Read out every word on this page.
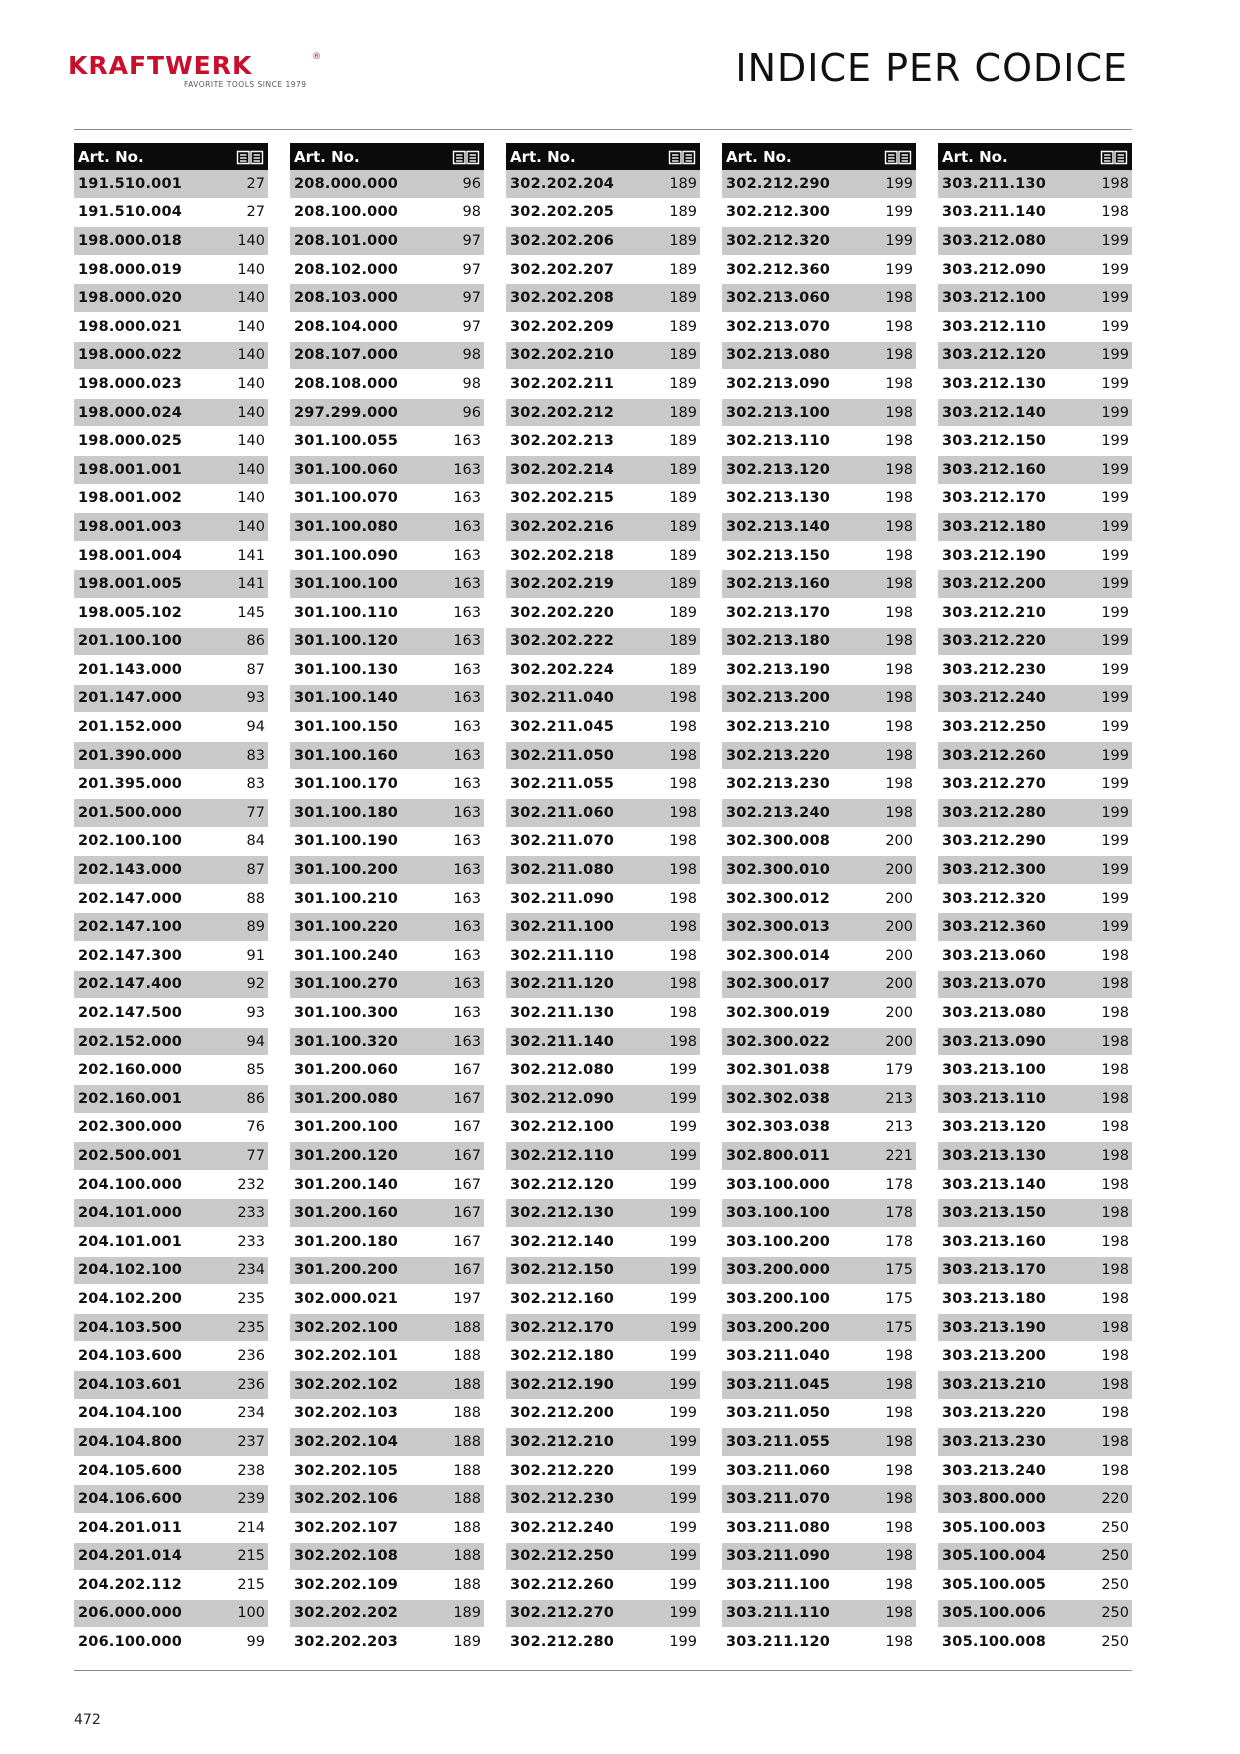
KRAFTWERK	®
FAVORITE TOOLS SINCE 1979	INDICE PER CODICE
Art. No.
191.510.001	27
191.510.004	27
198.000.018	140
198.000.019	140
198.000.020	140
198.000.021	140
198.000.022	140
198.000.023	140
198.000.024	140
198.000.025	140
198.001.001	140
198.001.002	140
198.001.003	140
198.001.004	141
198.001.005	141
198.005.102	145
201.100.100	86
201.143.000	87
201.147.000	93
201.152.000	94
201.390.000	83
201.395.000	83
201.500.000	77
202.100.100	84
202.143.000	87
202.147.000	88
202.147.100	89
202.147.300	91
202.147.400	92
202.147.500	93
202.152.000	94
202.160.000	85
202.160.001	86
202.300.000	76
202.500.001	77
204.100.000	232
204.101.000	233
204.101.001	233
204.102.100	234
204.102.200	235
204.103.500	235
204.103.600	236
204.103.601	236
204.104.100	234
204.104.800	237
204.105.600	238
204.106.600	239
204.201.011	214
204.201.014	215
204.202.112	215
206.000.000	100
206.100.000	99
Art. No.
208.000.000	96
208.100.000	98
208.101.000	97
208.102.000	97
208.103.000	97
208.104.000	97
208.107.000	98
208.108.000	98
297.299.000	96
301.100.055	163
301.100.060	163
301.100.070	163
301.100.080	163
301.100.090	163
301.100.100	163
301.100.110	163
301.100.120	163
301.100.130	163
301.100.140	163
301.100.150	163
301.100.160	163
301.100.170	163
301.100.180	163
301.100.190	163
301.100.200	163
301.100.210	163
301.100.220	163
301.100.240	163
301.100.270	163
301.100.300	163
301.100.320	163
301.200.060	167
301.200.080	167
301.200.100	167
301.200.120	167
301.200.140	167
301.200.160	167
301.200.180	167
301.200.200	167
302.000.021	197
302.202.100	188
302.202.101	188
302.202.102	188
302.202.103	188
302.202.104	188
302.202.105	188
302.202.106	188
302.202.107	188
302.202.108	188
302.202.109	188
302.202.202	189
302.202.203	189
Art. No.
302.202.204	189
302.202.205	189
302.202.206	189
302.202.207	189
302.202.208	189
302.202.209	189
302.202.210	189
302.202.211	189
302.202.212	189
302.202.213	189
302.202.214	189
302.202.215	189
302.202.216	189
302.202.218	189
302.202.219	189
302.202.220	189
302.202.222	189
302.202.224	189
302.211.040	198
302.211.045	198
302.211.050	198
302.211.055	198
302.211.060	198
302.211.070	198
302.211.080	198
302.211.090	198
302.211.100	198
302.211.110	198
302.211.120	198
302.211.130	198
302.211.140	198
302.212.080	199
302.212.090	199
302.212.100	199
302.212.110	199
302.212.120	199
302.212.130	199
302.212.140	199
302.212.150	199
302.212.160	199
302.212.170	199
302.212.180	199
302.212.190	199
302.212.200	199
302.212.210	199
302.212.220	199
302.212.230	199
302.212.240	199
302.212.250	199
302.212.260	199
302.212.270	199
302.212.280	199
Art. No.
302.212.290	199
302.212.300	199
302.212.320	199
302.212.360	199
302.213.060	198
302.213.070	198
302.213.080	198
302.213.090	198
302.213.100	198
302.213.110	198
302.213.120	198
302.213.130	198
302.213.140	198
302.213.150	198
302.213.160	198
302.213.170	198
302.213.180	198
302.213.190	198
302.213.200	198
302.213.210	198
302.213.220	198
302.213.230	198
302.213.240	198
302.300.008	200
302.300.010	200
302.300.012	200
302.300.013	200
302.300.014	200
302.300.017	200
302.300.019	200
302.300.022	200
302.301.038	179
302.302.038	213
302.303.038	213
302.800.011	221
303.100.000	178
303.100.100	178
303.100.200	178
303.200.000	175
303.200.100	175
303.200.200	175
303.211.040	198
303.211.045	198
303.211.050	198
303.211.055	198
303.211.060	198
303.211.070	198
303.211.080	198
303.211.090	198
303.211.100	198
303.211.110	198
303.211.120	198
Art. No.
303.211.130	198
303.211.140	198
303.212.080	199
303.212.090	199
303.212.100	199
303.212.110	199
303.212.120	199
303.212.130	199
303.212.140	199
303.212.150	199
303.212.160	199
303.212.170	199
303.212.180	199
303.212.190	199
303.212.200	199
303.212.210	199
303.212.220	199
303.212.230	199
303.212.240	199
303.212.250	199
303.212.260	199
303.212.270	199
303.212.280	199
303.212.290	199
303.212.300	199
303.212.320	199
303.212.360	199
303.213.060	198
303.213.070	198
303.213.080	198
303.213.090	198
303.213.100	198
303.213.110	198
303.213.120	198
303.213.130	198
303.213.140	198
303.213.150	198
303.213.160	198
303.213.170	198
303.213.180	198
303.213.190	198
303.213.200	198
303.213.210	198
303.213.220	198
303.213.230	198
303.213.240	198
303.800.000	220
305.100.003	250
305.100.004	250
305.100.005	250
305.100.006	250
305.100.008	250
472
